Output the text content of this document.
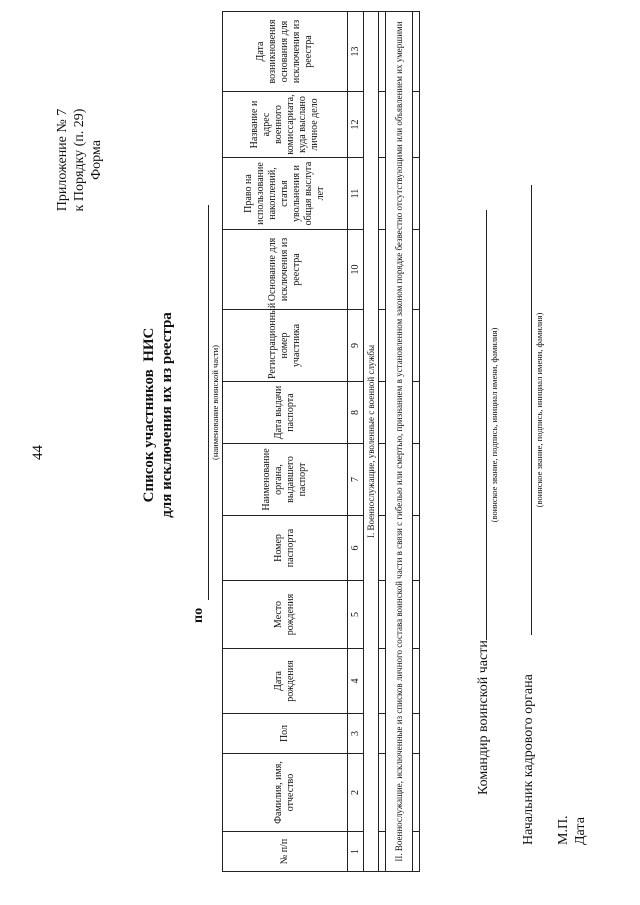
44
Приложение № 7 к Порядку (п. 29) Форма
Список участников  НИС для исключения их из реестра
по
(наименование воинской части)
№ п/п	Фамилия, имя, отчество	Пол	Дата рождения	Место рождения	Номер паспорта	Наименование органа, выдавшего паспорт	Дата выдачи паспорта	Регистрационный номер участника	Основание для исключения из реестра	Право на использование накоплений, статья увольнения и общая выслуга лет	Название и адрес военного комиссариата, куда выслано личное дело	Дата возникновения основания для исключения из реестра
1	2	3	4	5	6	7	8	9	10	11	12	13
I. Военнослужащие, уволенные с военной службы												

II. Военнослужащие, исключенные из списков личного состава воинской части в связи с гибелью или смертью, признанием в установленном законом порядке безвестно отсутствующими или объявлением их умершими												
													Командир воинской части
(воинское звание, подпись, инициал имени, фамилия)
Начальник кадрового органа
(воинское звание, подпись, инициал имени, фамилия)
М.П. Дата
